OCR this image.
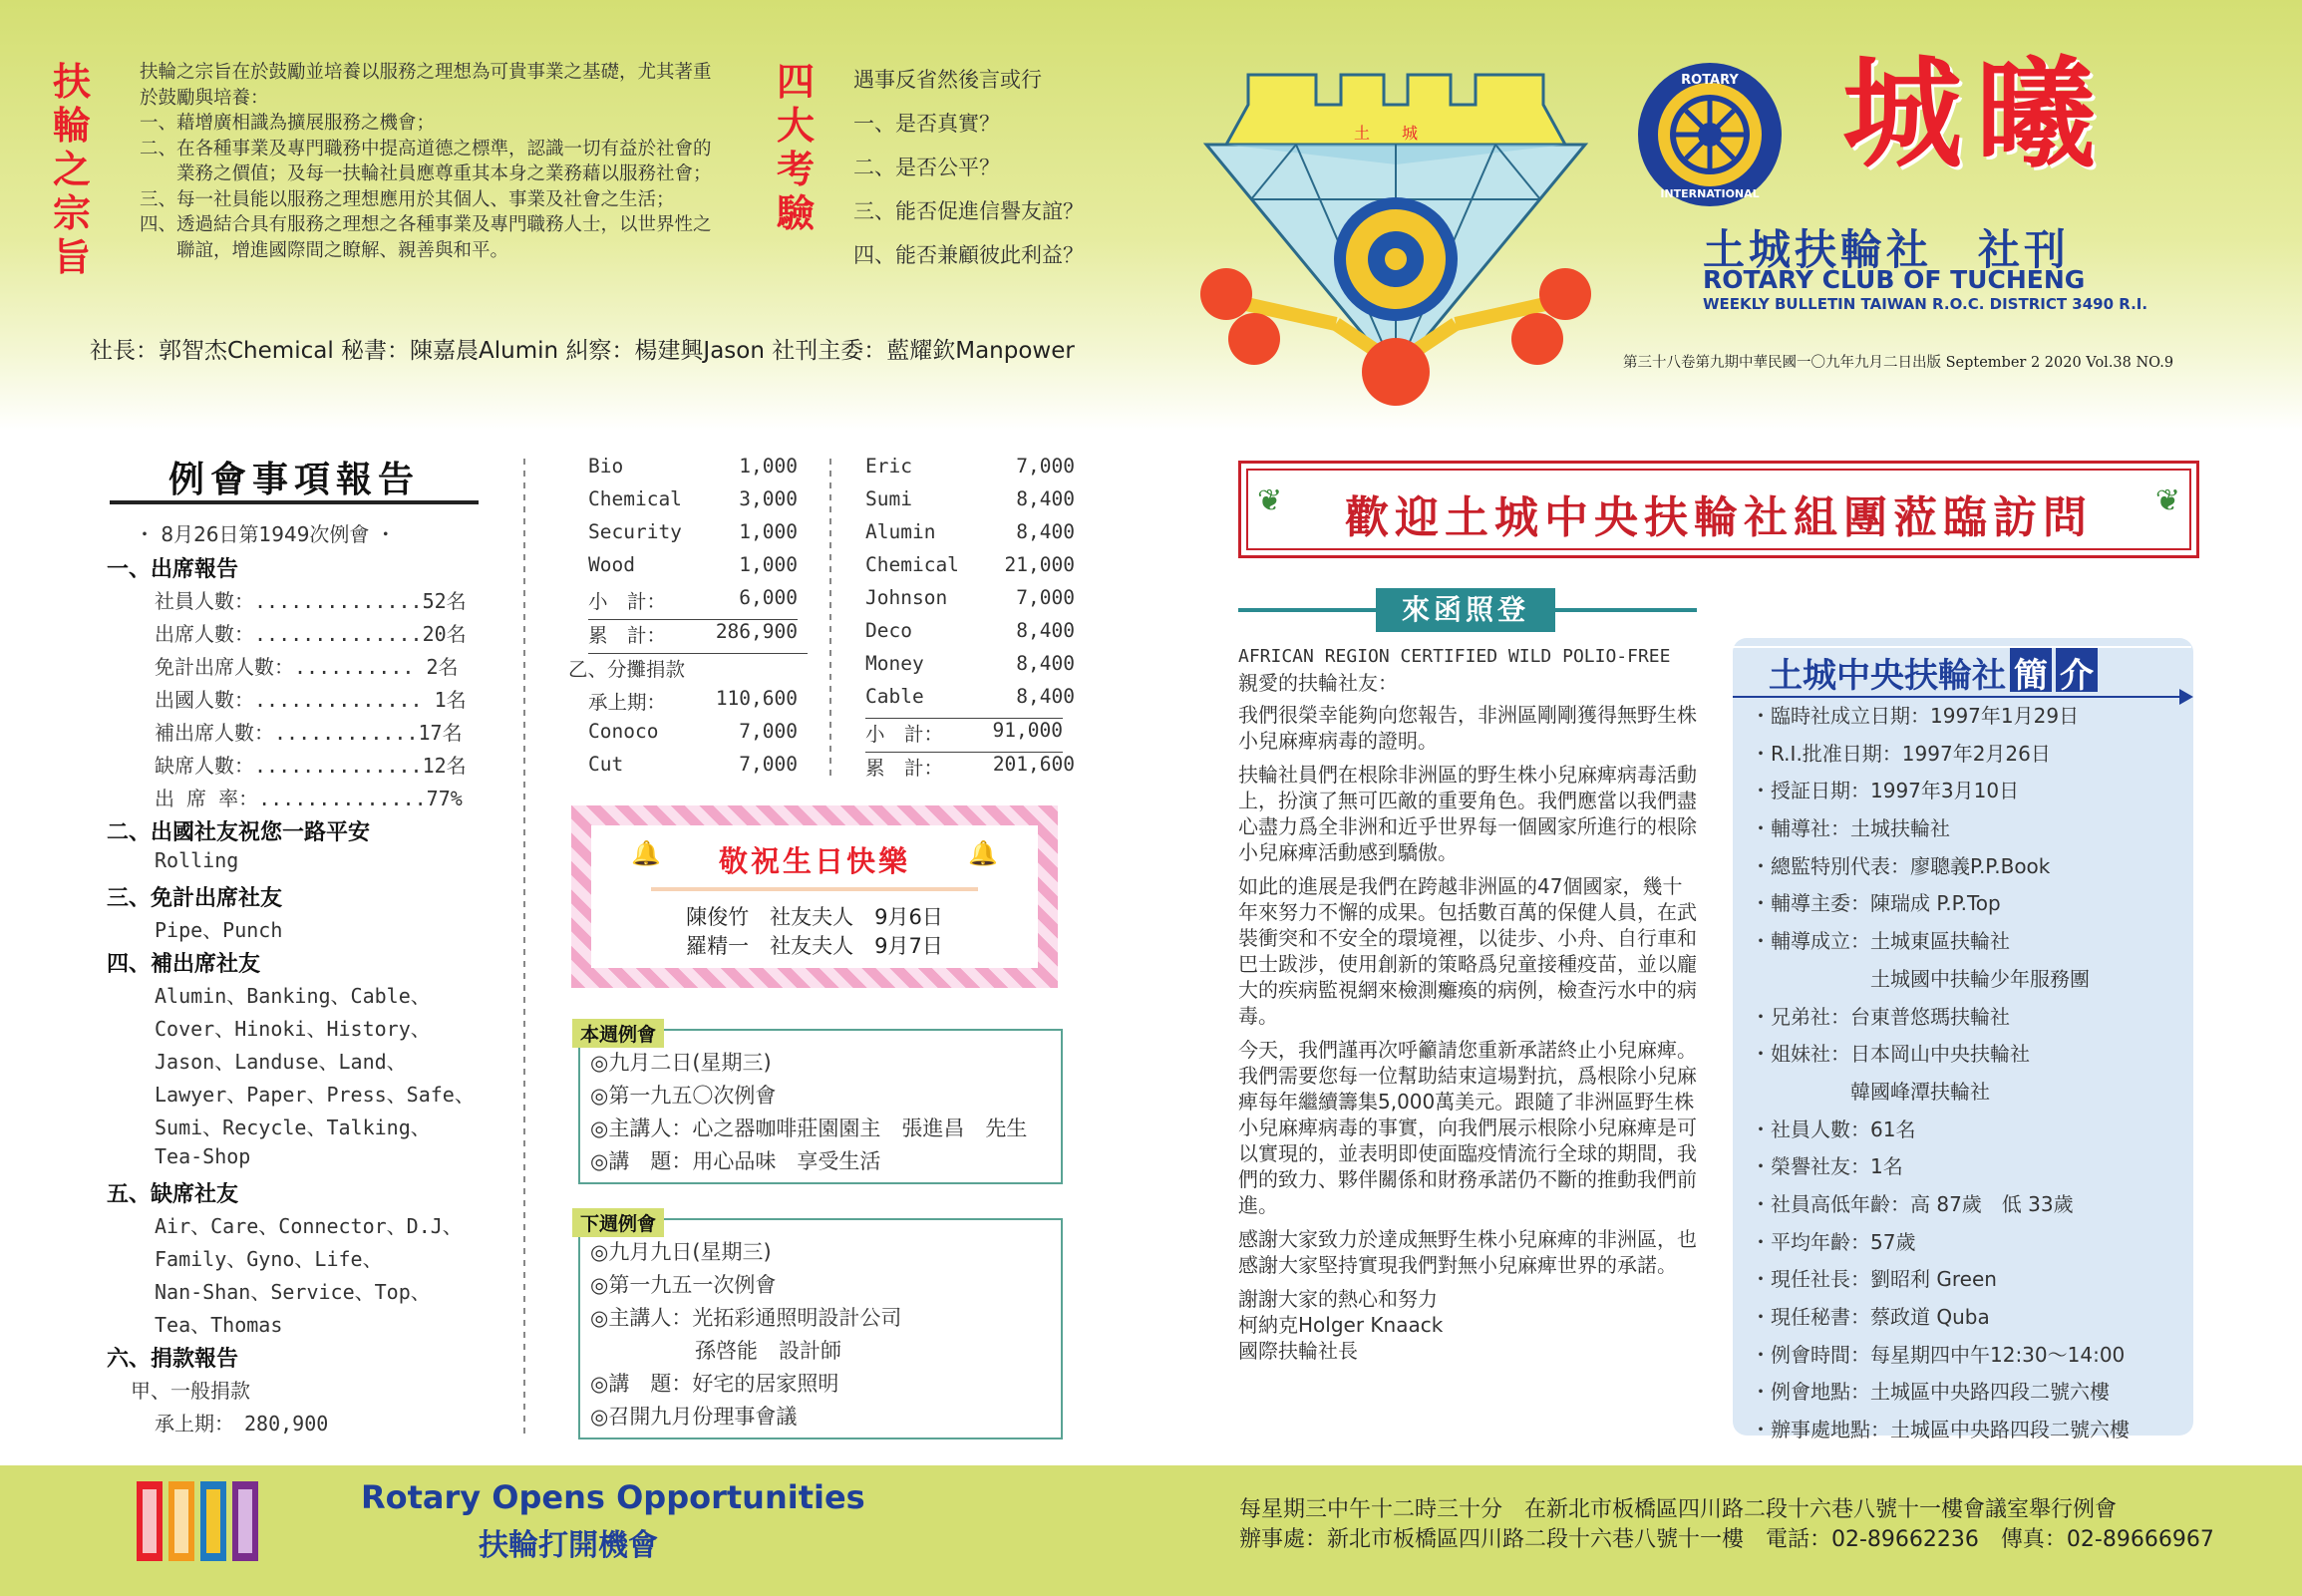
扶輪之宗旨
扶輪之宗旨在於鼓勵並培養以服務之理想為可貴事業之基礎，尤其著重
於鼓勵與培養：
一、藉增廣相識為擴展服務之機會；
二、在各種事業及專門職務中提高道德之標準，認識一切有益於社會的
　　業務之價值；及每一扶輪社員應尊重其本身之業務藉以服務社會；
三、每一社員能以服務之理想應用於其個人、事業及社會之生活；
四、透過結合具有服務之理想之各種事業及專門職務人士，以世界性之
　　聯誼，增進國際間之瞭解、親善與和平。
四大考驗
遇事反省然後言或行
一、是否真實？
二、是否公平？
三、能否促進信譽友誼？
四、能否兼顧彼此利益？
社長：郭智杰Chemical 秘書：陳嘉晨Alumin 糾察：楊建興Jason 社刊主委：藍耀欽Manpower
土　　城
ROTARY
INTERNATIONAL
城曦
土城扶輪社　社刊
ROTARY CLUB OF TUCHENG
WEEKLY BULLETIN TAIWAN R.O.C. DISTRICT 3490 R.I.
第三十八卷第九期中華民國一〇九年九月二日出版 September 2 2020 Vol.38 NO.9
例會事項報告
・ 8月26日第1949次例會 ・
一、出席報告
社員人數：..............52名
出席人數：..............20名
免計出席人數：.......... 2名
出國人數：.............. 1名
補出席人數：............17名
缺席人數：..............12名
出 席 率：..............77%
二、出國社友祝您一路平安
Rolling
三、免計出席社友
Pipe、Punch
四、補出席社友
Alumin、Banking、Cable、
Cover、Hinoki、History、
Jason、Landuse、Land、
Lawyer、Paper、Press、Safe、
Sumi、Recycle、Talking、
Tea-Shop
五、缺席社友
Air、Care、Connector、D.J、
Family、Gyno、Life、
Nan-Shan、Service、Top、
Tea、Thomas
六、捐款報告
甲、一般捐款
承上期：　 280,900
Bio	1,000
Chemical	3,000
Security	1,000
Wood	1,000
小　計：	6,000
累　計：	286,900
乙、分攤捐款
承上期：	110,600
Conoco	7,000
Cut	7,000
Eric	7,000
Sumi	8,400
Alumin	8,400
Chemical	21,000
Johnson	7,000
Deco	8,400
Money	8,400
Cable	8,400
小　計：	91,000
累　計：	201,600
🔔	🔔
敬祝生日快樂
陳俊竹　社友夫人　9月6日
羅精一　社友夫人　9月7日
本週例會
◎九月二日(星期三)
◎第一九五〇次例會
◎主講人：心之器咖啡莊園園主　張進昌　先生
◎講　題：用心品味　享受生活
下週例會
◎九月九日(星期三)
◎第一九五一次例會
◎主講人：光拓彩通照明設計公司
　　　　　孫啓能　設計師
◎講　題：好宅的居家照明
◎召開九月份理事會議
❦	❦
歡迎土城中央扶輪社組團蒞臨訪問
來函照登
AFRICAN REGION CERTIFIED WILD POLIO-FREE
親愛的扶輪社友：

我們很榮幸能夠向您報告，非洲區剛剛獲得無野生株小兒麻痺病毒的證明。

扶輪社員們在根除非洲區的野生株小兒麻痺病毒活動上，扮演了無可匹敵的重要角色。我們應當以我們盡心盡力爲全非洲和近乎世界每一個國家所進行的根除小兒麻痺活動感到驕傲。

如此的進展是我們在跨越非洲區的47個國家，幾十年來努力不懈的成果。包括數百萬的保健人員，在武裝衝突和不安全的環境裡，以徒步、小舟、自行車和巴士跋涉，使用創新的策略爲兒童接種疫苗，並以龐大的疾病監視網來檢測癱瘓的病例，檢查污水中的病毒。

今天，我們謹再次呼籲請您重新承諾終止小兒麻痺。我們需要您每一位幫助結束這場對抗，爲根除小兒麻痺每年繼續籌集5,000萬美元。跟隨了非洲區野生株小兒麻痺病毒的事實，向我們展示根除小兒麻痺是可以實現的，並表明即使面臨疫情流行全球的期間，我們的致力、夥伴關係和財務承諾仍不斷的推動我們前進。

感謝大家致力於達成無野生株小兒麻痺的非洲區，也感謝大家堅持實現我們對無小兒麻痺世界的承諾。

謝謝大家的熱心和努力
柯納克Holger Knaack
國際扶輪社長
土城中央扶輪社 簡 介
・臨時社成立日期：1997年1月29日
・R.I.批准日期：1997年2月26日
・授証日期：1997年3月10日
・輔導社：土城扶輪社
・總監特別代表：廖聰義P.P.Book
・輔導主委：陳瑞成 P.P.Top
・輔導成立：土城東區扶輪社
　　　　　　土城國中扶輪少年服務團
・兄弟社：台東普悠瑪扶輪社
・姐妹社：日本岡山中央扶輪社
　　　　　韓國峰潭扶輪社
・社員人數：61名
・榮譽社友：1名
・社員高低年齡：高 87歲　低 33歲
・平均年齡：57歲
・現任社長：劉昭利 Green
・現任秘書：蔡政道 Quba
・例會時間：每星期四中午12:30～14:00
・例會地點：土城區中央路四段二號六樓
・辦事處地點：土城區中央路四段二號六樓
Rotary Opens Opportunities
扶輪打開機會
每星期三中午十二時三十分　在新北市板橋區四川路二段十六巷八號十一樓會議室舉行例會
辦事處：新北市板橋區四川路二段十六巷八號十一樓　電話：02-89662236　傳真：02-89666967
